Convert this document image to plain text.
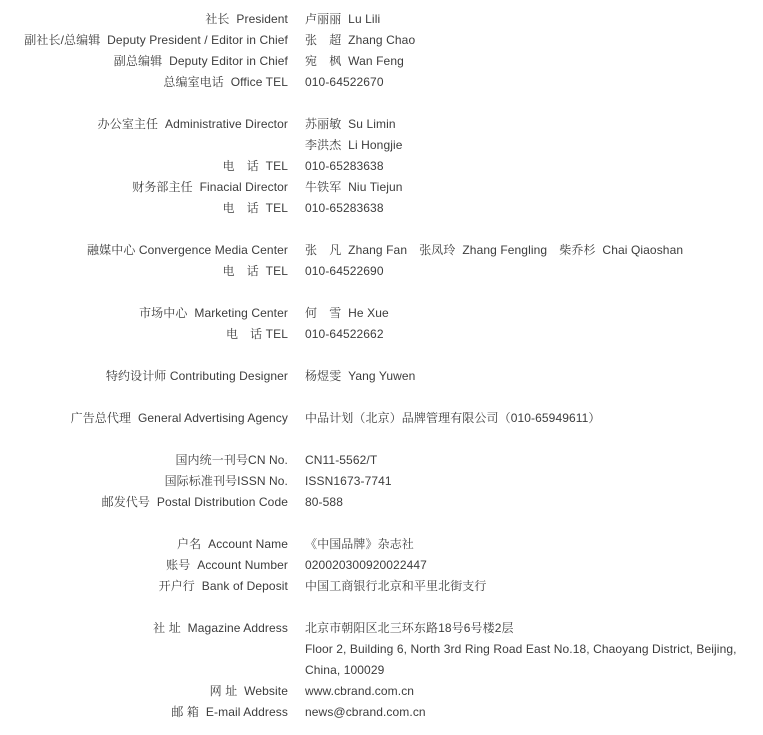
社长  President	卢丽丽  Lu Lili
副社长/总编辑  Deputy President / Editor in Chief	张　超  Zhang Chao
副总编辑  Deputy Editor in Chief	宛　枫  Wan Feng
总编室电话  Office TEL	010-64522670
办公室主任  Administrative Director	苏丽敏  Su Limin
李洪杰  Li Hongjie
电　话  TEL	010-65283638
财务部主任  Finacial Director	牛铁军  Niu Tiejun
电　话  TEL	010-65283638
融媒中心 Convergence Media Center	张　凡  Zhang Fan　张凤玲  Zhang Fengling　柴乔杉  Chai Qiaoshan
电　话  TEL	010-64522690
市场中心  Marketing Center	何　雪  He Xue
电　话 TEL	010-64522662
特约设计师 Contributing Designer	杨煜雯  Yang Yuwen
广告总代理  General Advertising Agency	中品计划（北京）品牌管理有限公司（010-65949611）
国内统一刊号CN No.	CN11-5562/T
国际标准刊号ISSN No.	ISSN1673-7741
邮发代号  Postal Distribution Code	80-588
户名  Account Name	《中国品牌》杂志社
账号  Account Number	020020300920022447
开户行  Bank of Deposit	中国工商银行北京和平里北街支行
社 址  Magazine Address	北京市朝阳区北三环东路18号6号楼2层
Floor 2, Building 6, North 3rd Ring Road East No.18, Chaoyang District, Beijing,
China, 100029
网 址  Website	www.cbrand.com.cn
邮 箱  E-mail Address	news@cbrand.com.cn
